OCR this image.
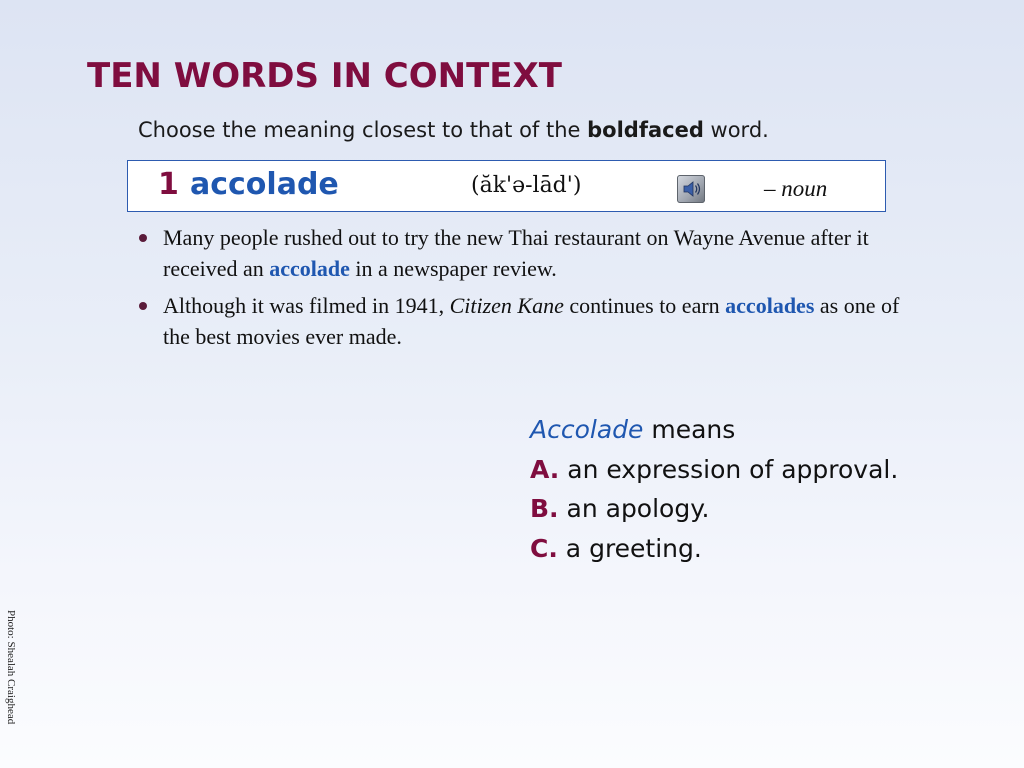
TEN WORDS IN CONTEXT
Choose the meaning closest to that of the boldfaced word.
1 accolade	(ăk'ə-lād')	– noun
Many people rushed out to try the new Thai restaurant on Wayne Avenue after it received an accolade in a newspaper review.
Although it was filmed in 1941, Citizen Kane continues to earn accolades as one of the best movies ever made.
Accolade means
A. an expression of approval.
B. an apology.
C. a greeting.
Photo: Shealah Craighead
